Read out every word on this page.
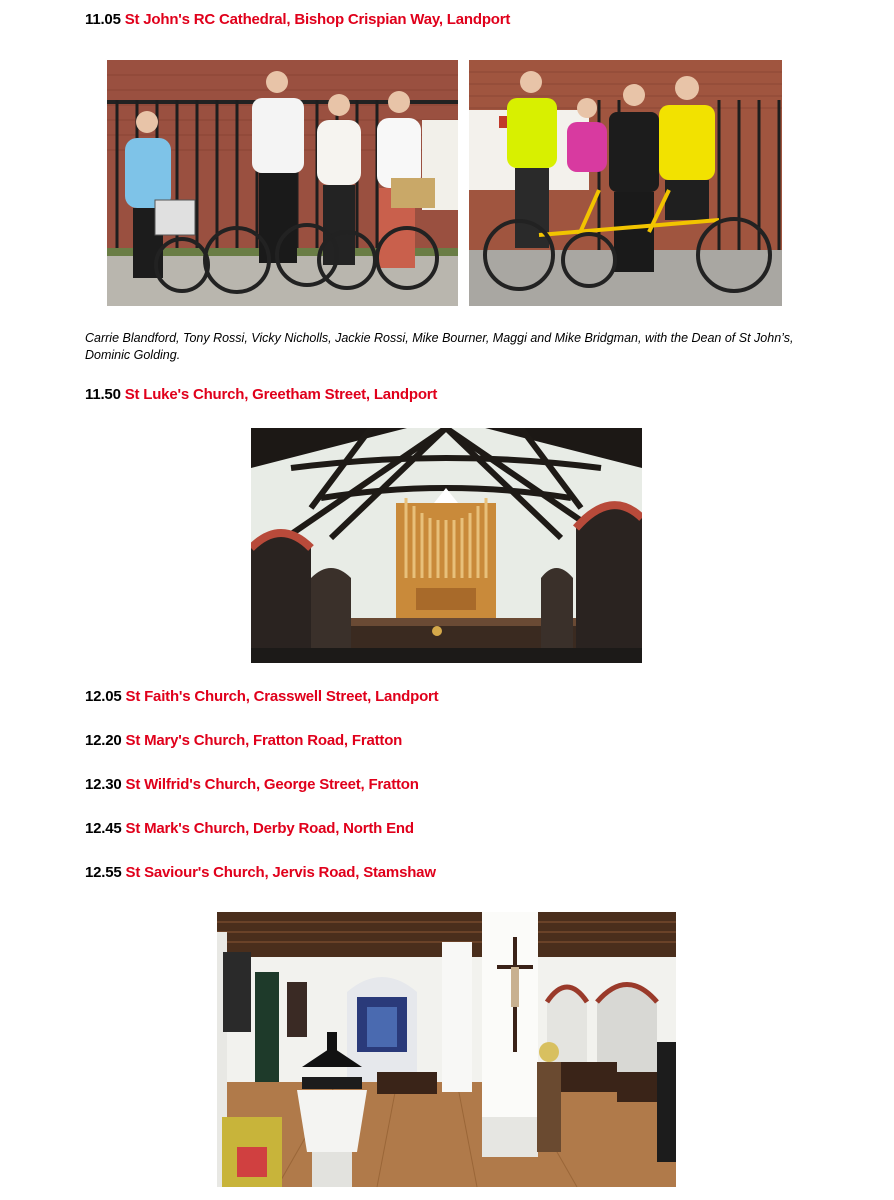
11.05 St John's RC Cathedral, Bishop Crispian Way, Landport
Carrie Blandford, Tony Rossi, Vicky Nicholls, Jackie Rossi, Mike Bourner, Maggi and Mike Bridgman, with the Dean of St John’s, Dominic Golding.
11.50 St Luke's Church, Greetham Street, Landport
12.05 St Faith's Church, Crasswell Street, Landport
12.20 St Mary's Church, Fratton Road, Fratton
12.30 St Wilfrid's Church, George Street, Fratton
12.45 St Mark's Church, Derby Road, North End
12.55 St Saviour's Church, Jervis Road, Stamshaw
